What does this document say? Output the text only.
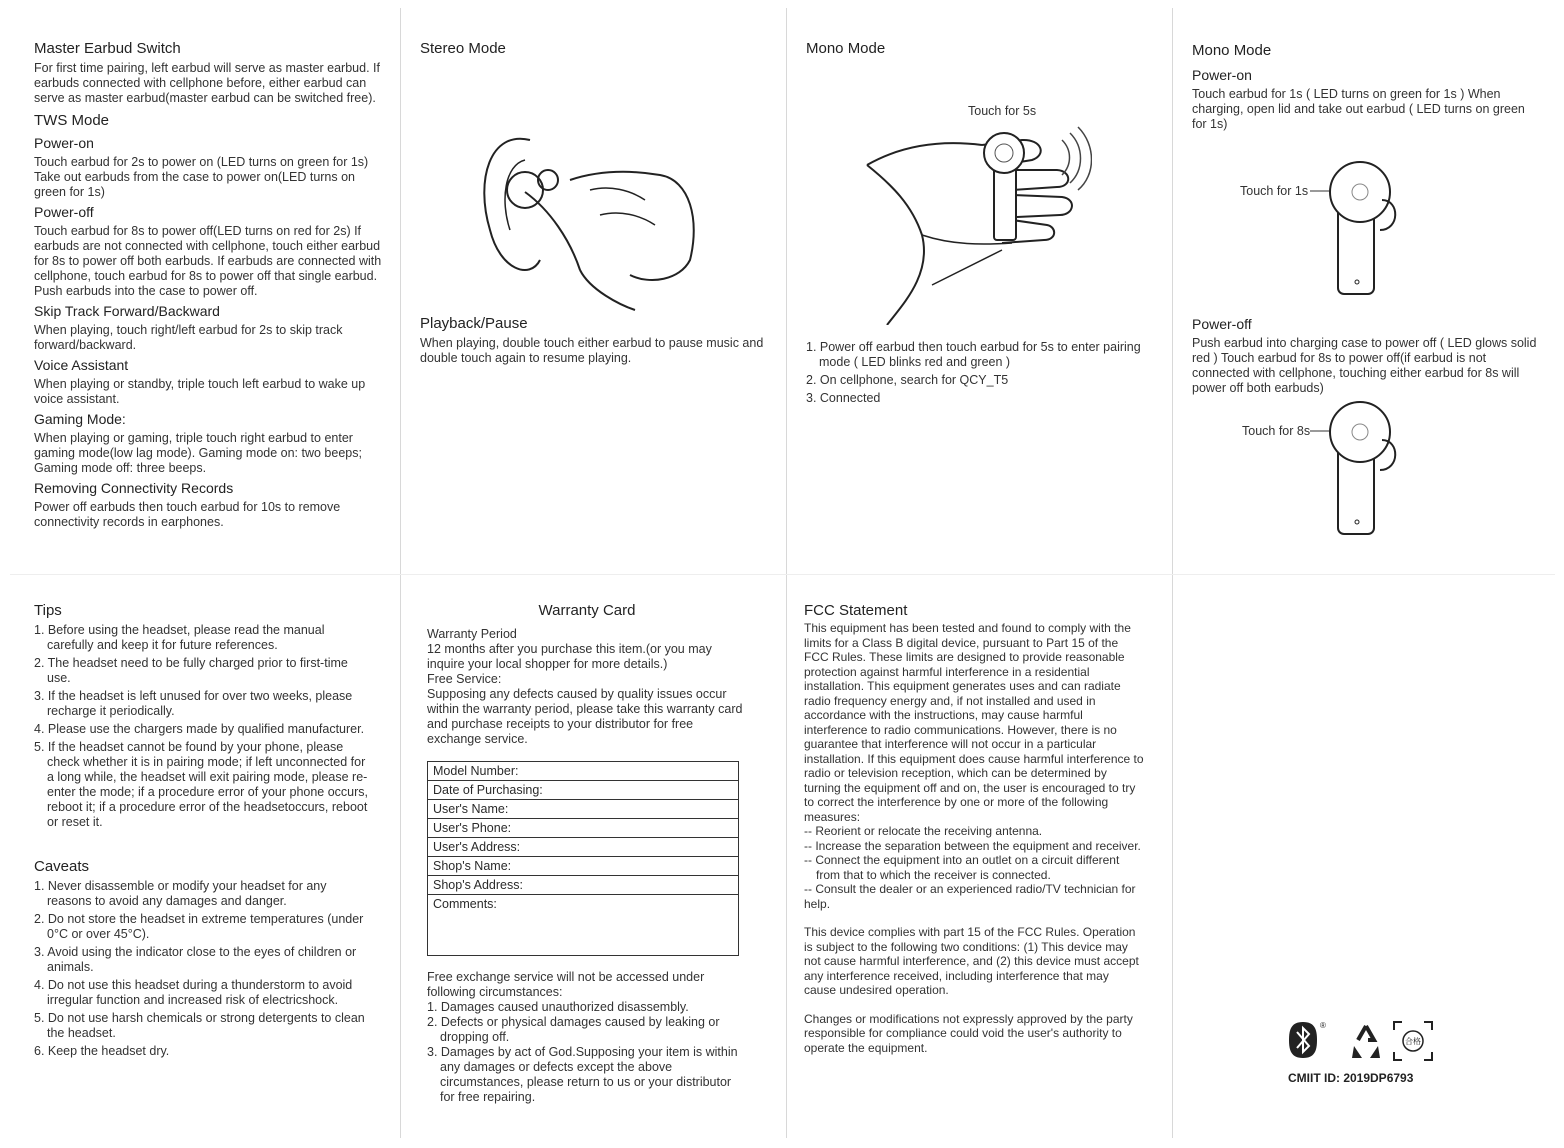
Master Earbud Switch

For first time pairing, left earbud will serve as master earbud. If earbuds connected with cellphone before, either earbud can serve as master earbud(master earbud can be switched free).

TWS Mode
Power-on

Touch earbud for 2s to power on (LED turns on green for 1s) Take out earbuds from the case to power on(LED turns on green for 1s)

Power-off

Touch earbud for 8s to power off(LED turns on red for 2s) If earbuds are not connected with cellphone, touch either earbud for 8s to power off both earbuds. If earbuds are connected with cellphone, touch earbud for 8s to power off that single earbud. Push earbuds into the case to power off.

Skip Track Forward/Backward

When playing, touch right/left earbud for 2s to skip track forward/backward.

Voice Assistant

When playing or standby, triple touch left earbud to wake up voice assistant.

Gaming Mode:

When playing or gaming, triple touch right earbud to enter gaming mode(low lag mode). Gaming mode on: two beeps; Gaming mode off: three beeps.

Removing Connectivity Records

Power off earbuds then touch earbud for 10s to remove connectivity records in earphones.

Stereo Mode
Playback/Pause

When playing, double touch either earbud to pause music and double touch again to resume playing.

Mono Mode
Touch for 5s
1. Power off earbud then touch earbud for 5s to enter pairing mode ( LED blinks red and green )
2. On cellphone, search for QCY_T5
3. Connected
Mono Mode
Power-on

Touch earbud for 1s ( LED turns on green for 1s ) When charging, open lid and take out earbud ( LED turns on green for 1s)

Touch for 1s
Power-off

Push earbud into charging case to power off ( LED glows solid red ) Touch earbud for 8s to power off(if earbud is not connected with cellphone, touching either earbud for 8s will power off both earbuds)

Touch for 8s
Tips
1. Before using the headset, please read the manual carefully and keep it for future references.
2. The headset need to be fully charged prior to first-time use.
3. If the headset is left unused for over two weeks, please recharge it periodically.
4. Please use the chargers made by qualified manufacturer.
5. If the headset cannot be found by your phone, please check whether it is in pairing mode; if left unconnected for a long while, the headset will exit pairing mode, please re-enter the mode; if a procedure error of your phone occurs, reboot it; if a procedure error of the headsetoccurs, reboot or reset it.
Caveats
1. Never disassemble or modify your headset for any reasons to avoid any damages and danger.
2. Do not store the headset in extreme temperatures (under 0°C or over 45°C).
3. Avoid using the indicator close to the eyes of children or animals.
4. Do not use this headset during a thunderstorm to avoid irregular function and increased risk of electricshock.
5. Do not use harsh chemicals or strong detergents to clean the headset.
6. Keep the headset dry.
Warranty Card

Warranty Period

12 months after you purchase this item.(or you may inquire your local shopper for more details.)

Free Service:

Supposing any defects caused by quality issues occur within the warranty period, please take this warranty card and purchase receipts to your distributor for free exchange service.

Model Number:
Date of Purchasing:
User's Name:
User's Phone:
User's Address:
Shop's Name:
Shop's Address:
Comments:

Free exchange service will not be accessed under following circumstances:

1. Damages caused unauthorized disassembly.
2. Defects or physical damages caused by leaking or dropping off.
3. Damages by act of God.Supposing your item is within any damages or defects except the above circumstances, please return to us or your distributor for free repairing.
FCC Statement

This equipment has been tested and found to comply with the limits for a Class B digital device, pursuant to Part 15 of the FCC Rules. These limits are designed to provide reasonable protection against harmful interference in a residential installation. This equipment generates uses and can radiate radio frequency energy and, if not installed and used in accordance with the instructions, may cause harmful interference to radio communications. However, there is no guarantee that interference will not occur in a particular installation. If this equipment does cause harmful interference to radio or television reception, which can be determined by turning the equipment off and on, the user is encouraged to try to correct the interference by one or more of the following measures:

-- Reorient or relocate the receiving antenna.

-- Increase the separation between the equipment and receiver.

-- Connect the equipment into an outlet on a circuit different from that to which the receiver is connected.

-- Consult the dealer or an experienced radio/TV technician for help.

This device complies with part 15 of the FCC Rules. Operation is subject to the following two conditions: (1) This device may not cause harmful interference, and (2) this device must accept any interference received, including interference that may cause undesired operation.

Changes or modifications not expressly approved by the party responsible for compliance could void the user's authority to operate the equipment.

®
合格
CMIIT ID: 2019DP6793
